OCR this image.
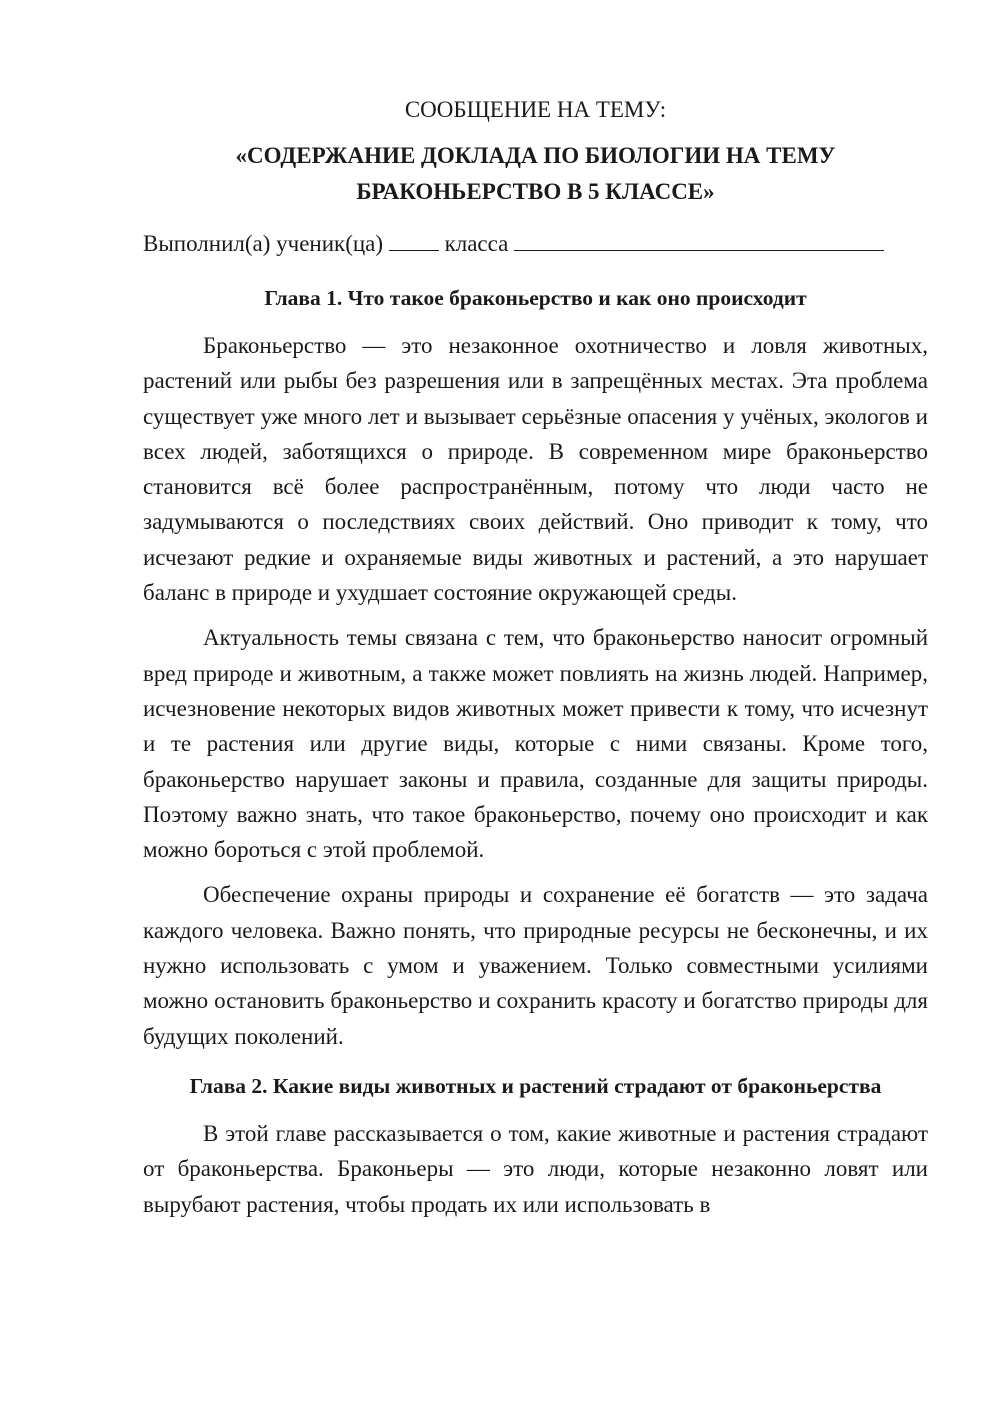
СООБЩЕНИЕ НА ТЕМУ:
«СОДЕРЖАНИЕ ДОКЛАДА ПО БИОЛОГИИ НА ТЕМУ
БРАКОНЬЕРСТВО В 5 КЛАССЕ»
Выполнил(а) ученик(ца)	класса
Глава 1. Что такое браконьерство и как оно происходит

Браконьерство — это незаконное охотничество и ловля животных, растений или рыбы без разрешения или в запрещённых местах. Эта проблема существует уже много лет и вызывает серьёзные опасения у учёных, экологов и всех людей, заботящихся о природе. В современном мире браконьерство становится всё более распространённым, потому что люди часто не задумываются о последствиях своих действий. Оно приводит к тому, что исчезают редкие и охраняемые виды животных и растений, а это нарушает баланс в природе и ухудшает состояние окружающей среды.

Актуальность темы связана с тем, что браконьерство наносит огромный вред природе и животным, а также может повлиять на жизнь людей. Например, исчезновение некоторых видов животных может привести к тому, что исчезнут и те растения или другие виды, которые с ними связаны. Кроме того, браконьерство нарушает законы и правила, созданные для защиты природы. Поэтому важно знать, что такое браконьерство, почему оно происходит и как можно бороться с этой проблемой.

Обеспечение охраны природы и сохранение её богатств — это задача каждого человека. Важно понять, что природные ресурсы не бесконечны, и их нужно использовать с умом и уважением. Только совместными усилиями можно остановить браконьерство и сохранить красоту и богатство природы для будущих поколений.

Глава 2. Какие виды животных и растений страдают от браконьерства

В этой главе рассказывается о том, какие животные и растения страдают от браконьерства. Браконьеры — это люди, которые незаконно ловят или вырубают растения, чтобы продать их или использовать в
